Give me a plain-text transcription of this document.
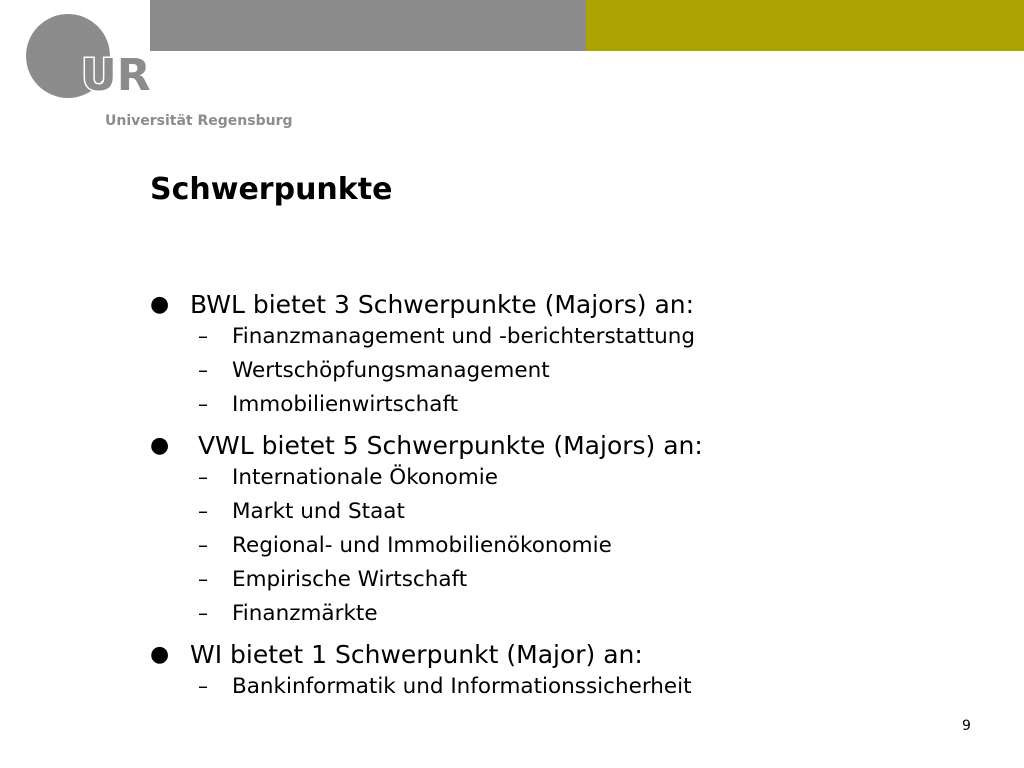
UR
Universität Regensburg
Schwerpunkte
● BWL bietet 3 Schwerpunkte (Majors) an:
–	Finanzmanagement und -berichterstattung
–	Wertschöpfungsmanagement
–	Immobilienwirtschaft
● VWL bietet 5 Schwerpunkte (Majors) an:
–	Internationale Ökonomie
–	Markt und Staat
–	Regional- und Immobilienökonomie
–	Empirische Wirtschaft
–	Finanzmärkte
● WI bietet 1 Schwerpunkt (Major) an:
–	Bankinformatik und Informationssicherheit
9
